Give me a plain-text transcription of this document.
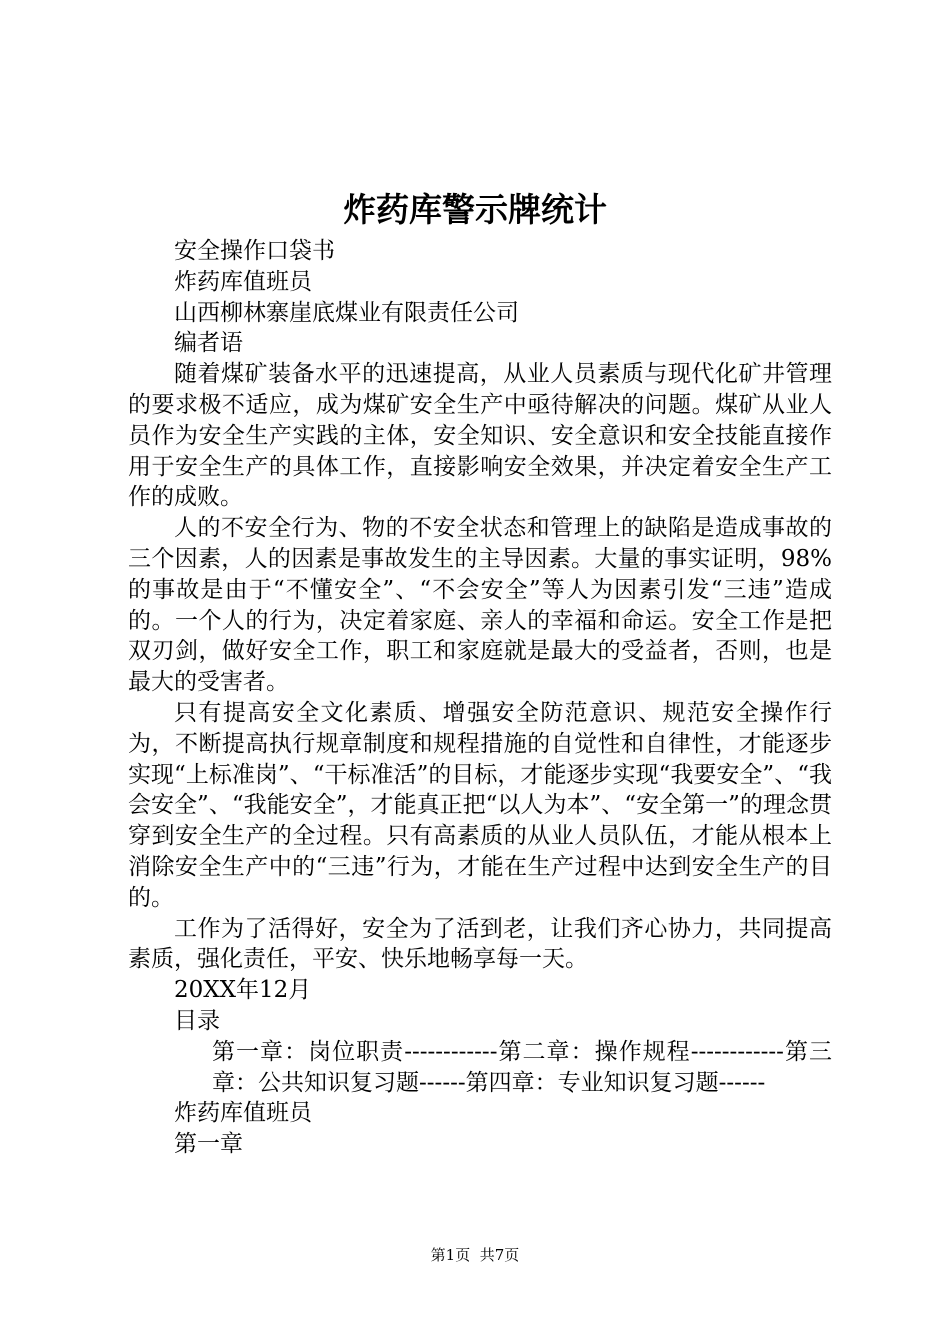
炸药库警示牌统计

安全操作口袋书

炸药库值班员

山西柳林寨崖底煤业有限责任公司

编者语

随着煤矿装备水平的迅速提高，从业人员素质与现代化矿井管理的要求极不适应，成为煤矿安全生产中亟待解决的问题。煤矿从业人员作为安全生产实践的主体，安全知识、安全意识和安全技能直接作用于安全生产的具体工作，直接影响安全效果，并决定着安全生产工作的成败。

人的不安全行为、物的不安全状态和管理上的缺陷是造成事故的三个因素，人的因素是事故发生的主导因素。大量的事实证明，98%的事故是由于“不懂安全”、“不会安全”等人为因素引发“三违”造成的。一个人的行为，决定着家庭、亲人的幸福和命运。安全工作是把双刃剑，做好安全工作，职工和家庭就是最大的受益者，否则，也是最大的受害者。

只有提高安全文化素质、增强安全防范意识、规范安全操作行为，不断提高执行规章制度和规程措施的自觉性和自律性，才能逐步实现“上标准岗”、“干标准活”的目标，才能逐步实现“我要安全”、“我会安全”、“我能安全”，才能真正把“以人为本”、“安全第一”的理念贯穿到安全生产的全过程。只有高素质的从业人员队伍，才能从根本上消除安全生产中的“三违”行为，才能在生产过程中达到安全生产的目的。

工作为了活得好，安全为了活到老，让我们齐心协力，共同提高素质，强化责任，平安、快乐地畅享每一天。

20XX年12月

目录

第一章：岗位职责------------第二章：操作规程------------第三章：公共知识复习题------第四章：专业知识复习题------

炸药库值班员

第一章

第1页 共7页
